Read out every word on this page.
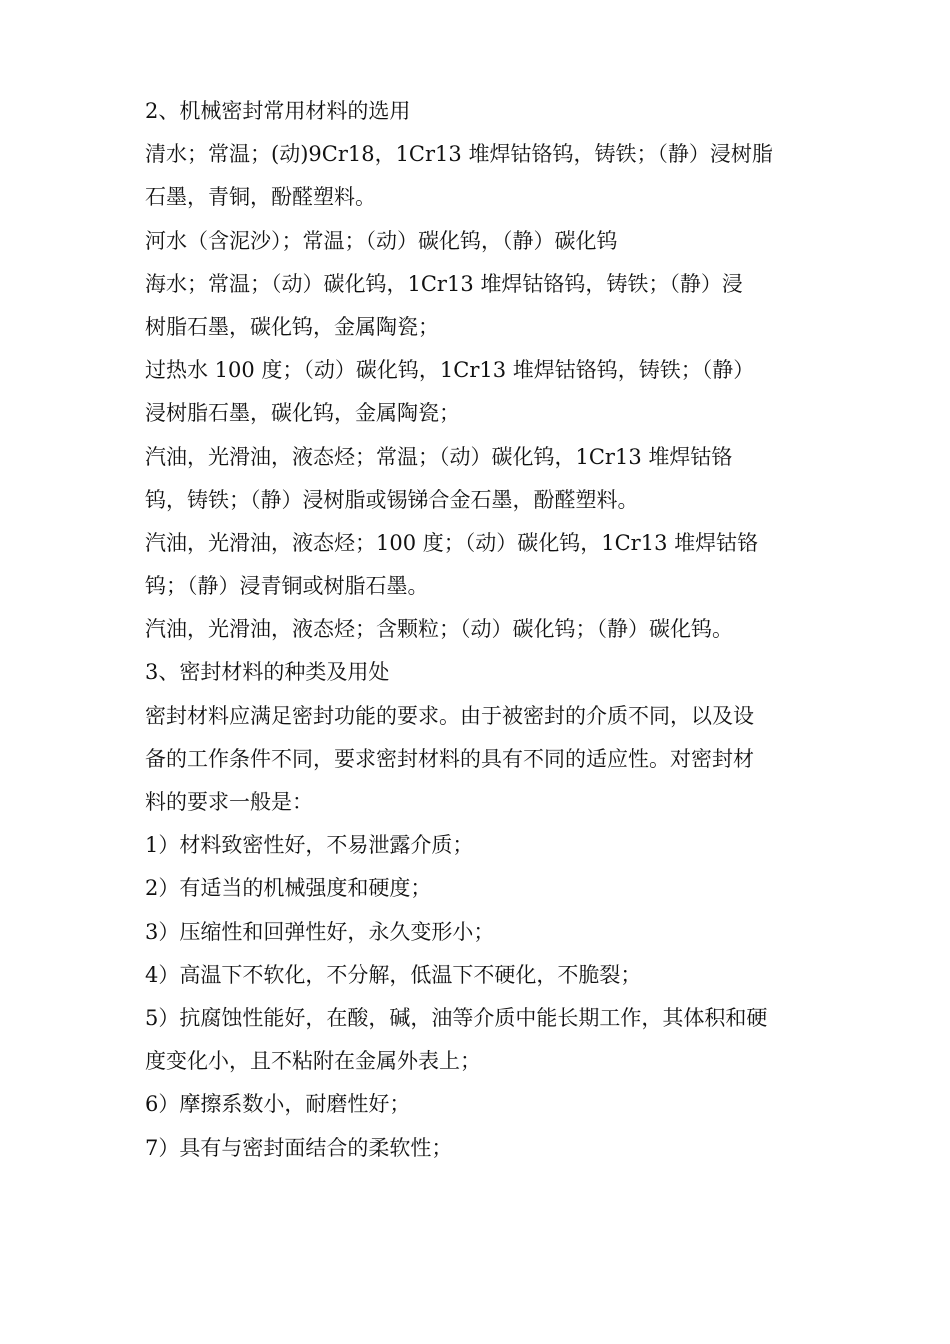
2、机械密封常用材料的选用
清水；常温；(动)9Cr18，1Cr13 堆焊钴铬钨，铸铁；（静）浸树脂
石墨，青铜，酚醛塑料。
河水（含泥沙）；常温；（动）碳化钨，（静）碳化钨
海水；常温；（动）碳化钨，1Cr13 堆焊钴铬钨，铸铁；（静）浸
树脂石墨，碳化钨，金属陶瓷；
过热水 100 度；（动）碳化钨，1Cr13 堆焊钴铬钨，铸铁；（静）
浸树脂石墨，碳化钨，金属陶瓷；
汽油，光滑油，液态烃；常温；（动）碳化钨，1Cr13 堆焊钴铬
钨，铸铁；（静）浸树脂或锡锑合金石墨，酚醛塑料。
汽油，光滑油，液态烃；100 度；（动）碳化钨，1Cr13 堆焊钴铬
钨；（静）浸青铜或树脂石墨。
汽油，光滑油，液态烃；含颗粒；（动）碳化钨；（静）碳化钨。
3、密封材料的种类及用处
密封材料应满足密封功能的要求。由于被密封的介质不同，以及设
备的工作条件不同，要求密封材料的具有不同的适应性。对密封材
料的要求一般是：
1）材料致密性好，不易泄露介质；
2）有适当的机械强度和硬度；
3）压缩性和回弹性好，永久变形小；
4）高温下不软化，不分解，低温下不硬化，不脆裂；
5）抗腐蚀性能好，在酸，碱，油等介质中能长期工作，其体积和硬
度变化小，且不粘附在金属外表上；
6）摩擦系数小，耐磨性好；
7）具有与密封面结合的柔软性；
